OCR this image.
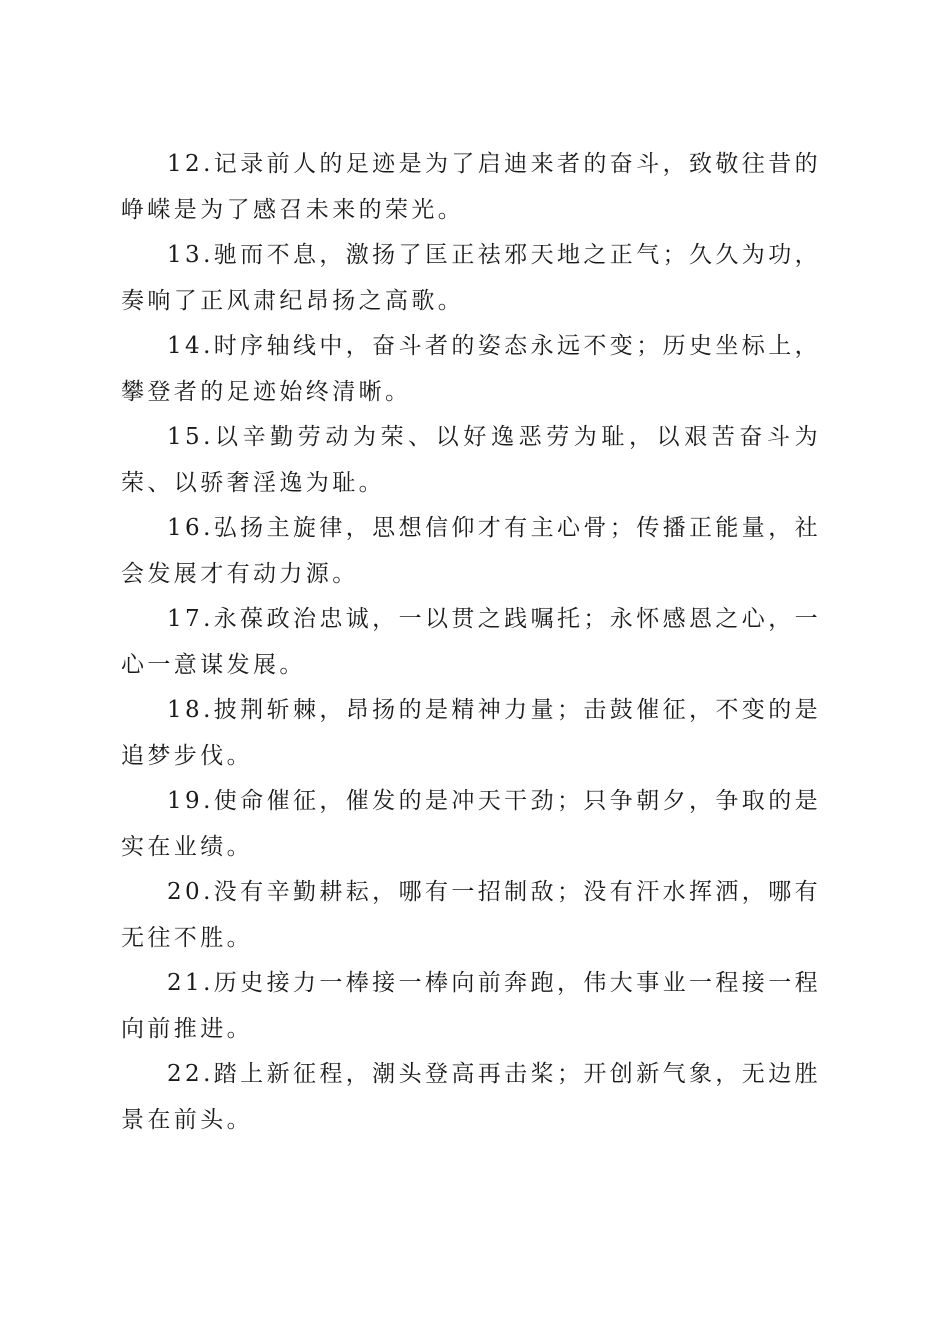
12.记录前人的足迹是为了启迪来者的奋斗，致敬往昔的峥嵘是为了感召未来的荣光。

13.驰而不息，激扬了匡正祛邪天地之正气；久久为功，奏响了正风肃纪昂扬之高歌。

14.时序轴线中，奋斗者的姿态永远不变；历史坐标上，攀登者的足迹始终清晰。

15.以辛勤劳动为荣、以好逸恶劳为耻，以艰苦奋斗为荣、以骄奢淫逸为耻。

16.弘扬主旋律，思想信仰才有主心骨；传播正能量，社会发展才有动力源。

17.永葆政治忠诚，一以贯之践嘱托；永怀感恩之心，一心一意谋发展。

18.披荆斩棘，昂扬的是精神力量；击鼓催征，不变的是追梦步伐。

19.使命催征，催发的是冲天干劲；只争朝夕，争取的是实在业绩。

20.没有辛勤耕耘，哪有一招制敌；没有汗水挥洒，哪有无往不胜。

21.历史接力一棒接一棒向前奔跑，伟大事业一程接一程向前推进。

22.踏上新征程，潮头登高再击桨；开创新气象，无边胜景在前头。
